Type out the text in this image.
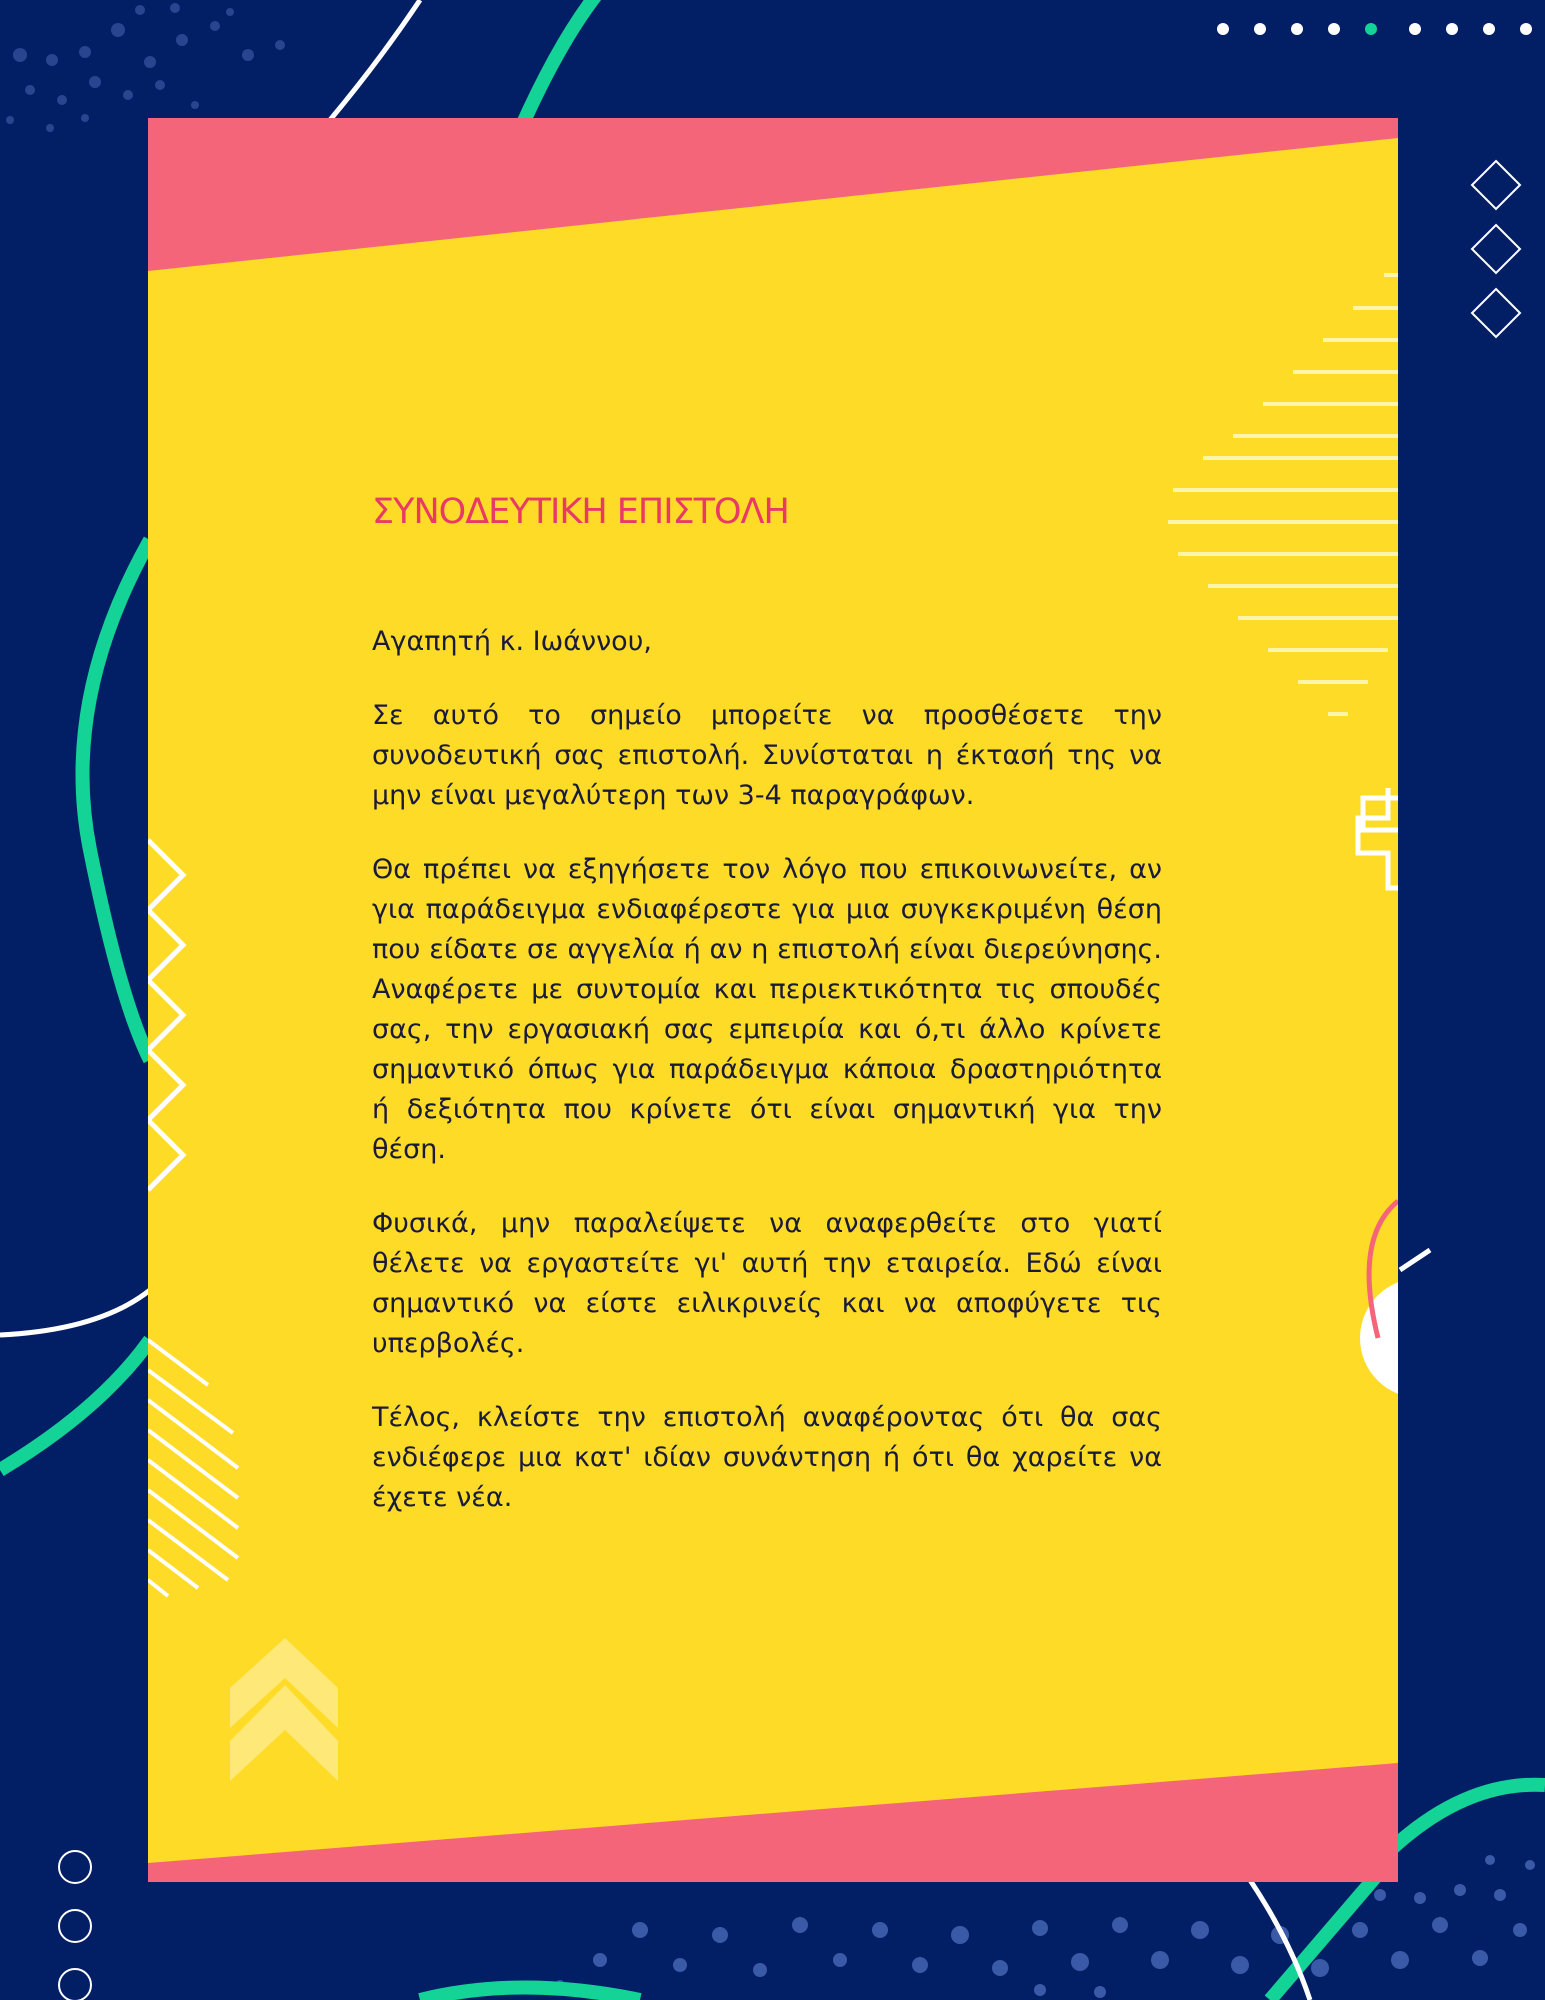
ΣΥΝΟΔΕΥΤΙΚΗ ΕΠΙΣΤΟΛΗ

Αγαπητή κ. Ιωάννου,

Σε αυτό το σημείο μπορείτε να προσθέσετε την συνοδευτική σας επιστολή. Συνίσταται η έκτασή της να μην είναι μεγαλύτερη των 3-4 παραγράφων.

Θα πρέπει να εξηγήσετε τον λόγο που επικοινωνείτε, αν για παράδειγμα ενδιαφέρεστε για μια συγκεκριμένη θέση που είδατε σε αγγελία ή αν η επιστολή είναι διερεύνησης. Αναφέρετε με συντομία και περιεκτικότητα τις σπουδές σας, την εργασιακή σας εμπειρία και ό,τι άλλο κρίνετε σημαντικό όπως για παράδειγμα κάποια δραστηριότητα ή δεξιότητα που κρίνετε ότι είναι σημαντική για την θέση.

Φυσικά, μην παραλείψετε να αναφερθείτε στο γιατί θέλετε να εργαστείτε γι' αυτή την εταιρεία. Εδώ είναι σημαντικό να είστε ειλικρινείς και να αποφύγετε τις υπερβολές.

Τέλος, κλείστε την επιστολή αναφέροντας ότι θα σας ενδιέφερε μια κατ' ιδίαν συνάντηση ή ότι θα χαρείτε να έχετε νέα.
